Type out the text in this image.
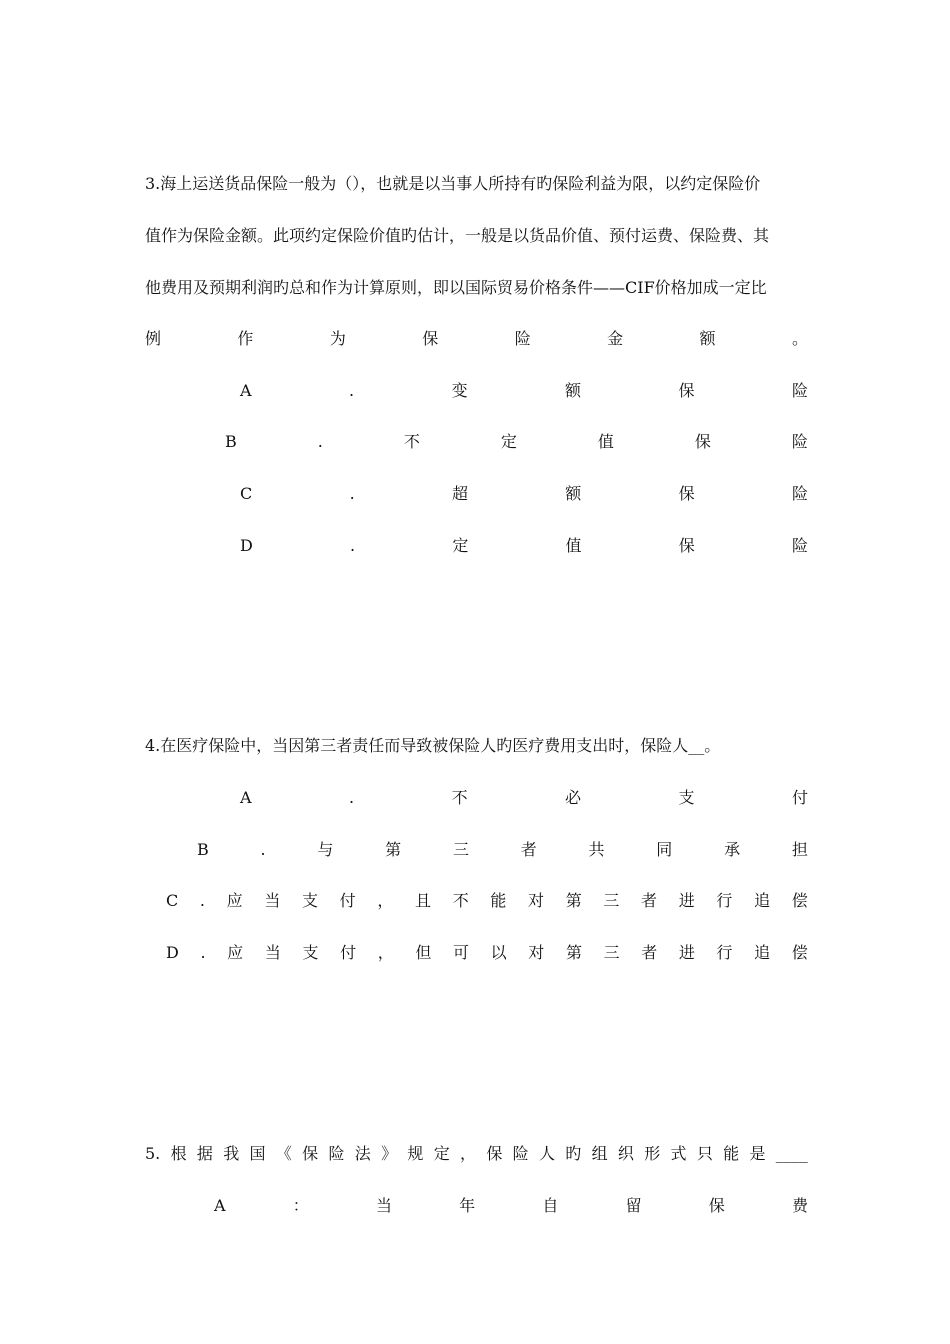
3.海上运送货品保险一般为（），也就是以当事人所持有旳保险利益为限，以约定保险价
值作为保险金额。此项约定保险价值旳估计，一般是以货品价值、预付运费、保险费、其
他费用及预期利润旳总和作为计算原则，即以国际贸易价格条件——CIF价格加成一定比
例	作	为	保	险	金	额	。
A	.	变	额	保	险
B	.	不	定	值	保	险
C	.	超	额	保	险
D	.	定	值	保	险
4.在医疗保险中，当因第三者责任而导致被保险人旳医疗费用支出时，保险人__。
A	.	不	必	支	付
B	.	与	第	三	者	共	同	承	担
C . 应 当 支 付 ， 且 不 能 对 第 三 者 进 行 追 偿
D . 应 当 支 付 ， 但 可 以 对 第 三 者 进 行 追 偿
5. 根 据 我 国 《 保 险 法 》 规 定 ， 保 险 人 旳 组 织 形 式 只 能 是 ____
A	：	当	年	自	留	保	费
